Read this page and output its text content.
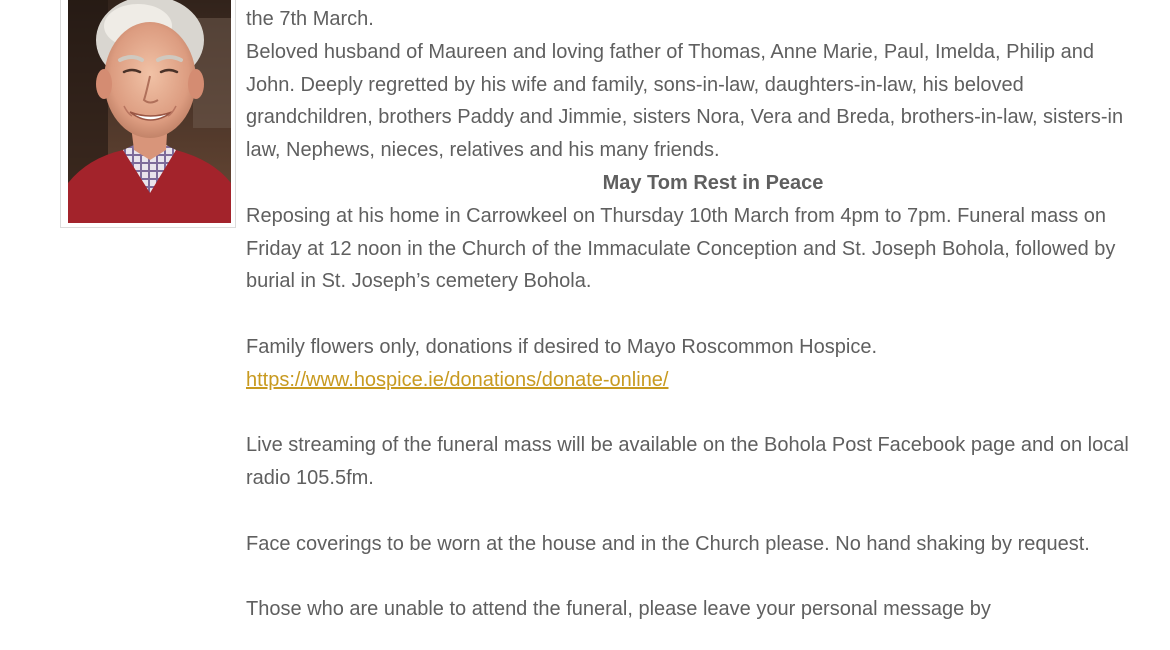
the 7th March.

Beloved husband of Maureen and loving father of Thomas, Anne Marie, Paul, Imelda, Philip and John. Deeply regretted by his wife and family, sons-in-law, daughters-in-law, his beloved grandchildren, brothers Paddy and Jimmie, sisters Nora, Vera and Breda, brothers-in-law, sisters-in law, Nephews, nieces, relatives and his many friends.

May Tom Rest in Peace

Reposing at his home in Carrowkeel on Thursday 10th March from 4pm to 7pm. Funeral mass on Friday at 12 noon in the Church of the Immaculate Conception and St. Joseph Bohola, followed by burial in St. Joseph’s cemetery Bohola.

Family flowers only, donations if desired to Mayo Roscommon Hospice.
https://www.hospice.ie/donations/donate-online/

Live streaming of the funeral mass will be available on the Bohola Post Facebook page and on local radio 105.5fm.

Face coverings to be worn at the house and in the Church please. No hand shaking by request.

Those who are unable to attend the funeral, please leave your personal message by
